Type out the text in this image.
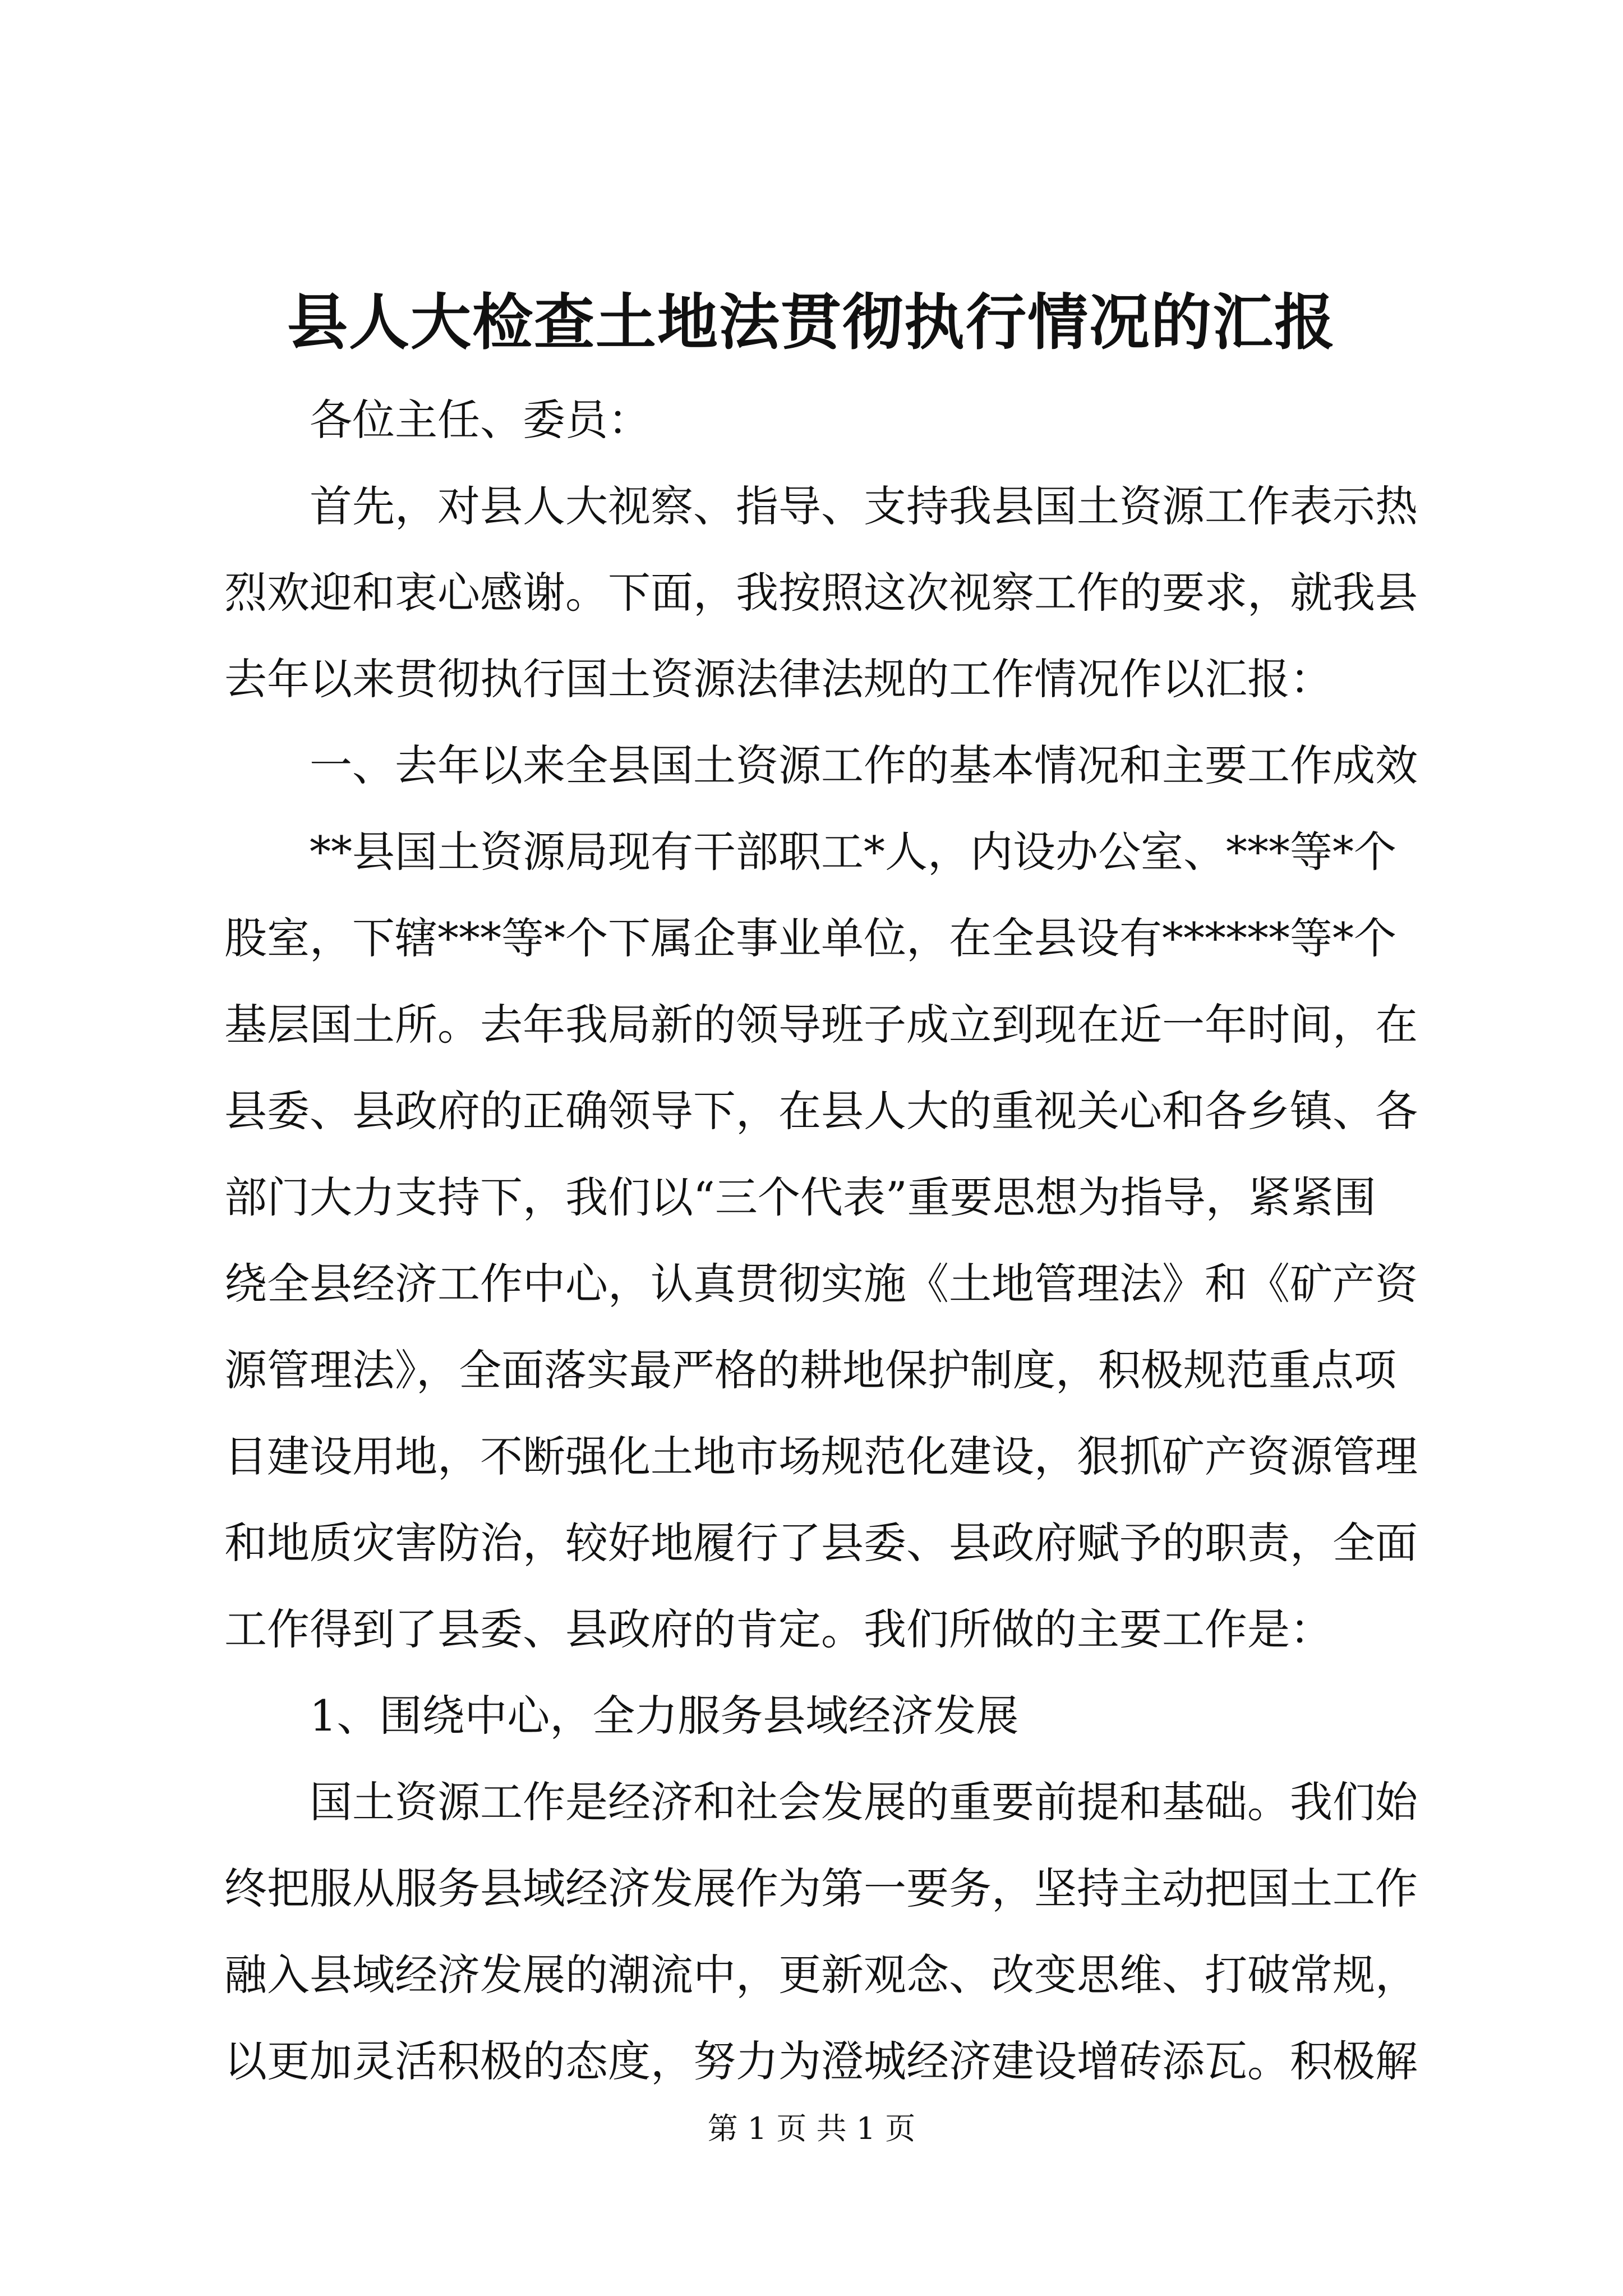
县人大检查土地法贯彻执行情况的汇报
各位主任、委员：
首先，对县人大视察、指导、支持我县国土资源工作表示热
烈欢迎和衷心感谢。下面，我按照这次视察工作的要求，就我县
去年以来贯彻执行国土资源法律法规的工作情况作以汇报：
一、去年以来全县国土资源工作的基本情况和主要工作成效
**县国土资源局现有干部职工*人，内设办公室、***等*个
股室，下辖***等*个下属企事业单位，在全县设有******等*个
基层国土所。去年我局新的领导班子成立到现在近一年时间，在
县委、县政府的正确领导下，在县人大的重视关心和各乡镇、各
部门大力支持下，我们以“三个代表”重要思想为指导，紧紧围
绕全县经济工作中心，认真贯彻实施《土地管理法》和《矿产资
源管理法》，全面落实最严格的耕地保护制度，积极规范重点项
目建设用地，不断强化土地市场规范化建设，狠抓矿产资源管理
和地质灾害防治，较好地履行了县委、县政府赋予的职责，全面
工作得到了县委、县政府的肯定。我们所做的主要工作是：
1、围绕中心，全力服务县域经济发展
国土资源工作是经济和社会发展的重要前提和基础。我们始
终把服从服务县域经济发展作为第一要务，坚持主动把国土工作
融入县域经济发展的潮流中，更新观念、改变思维、打破常规，
以更加灵活积极的态度，努力为澄城经济建设增砖添瓦。积极解
第 1 页 共 1 页
